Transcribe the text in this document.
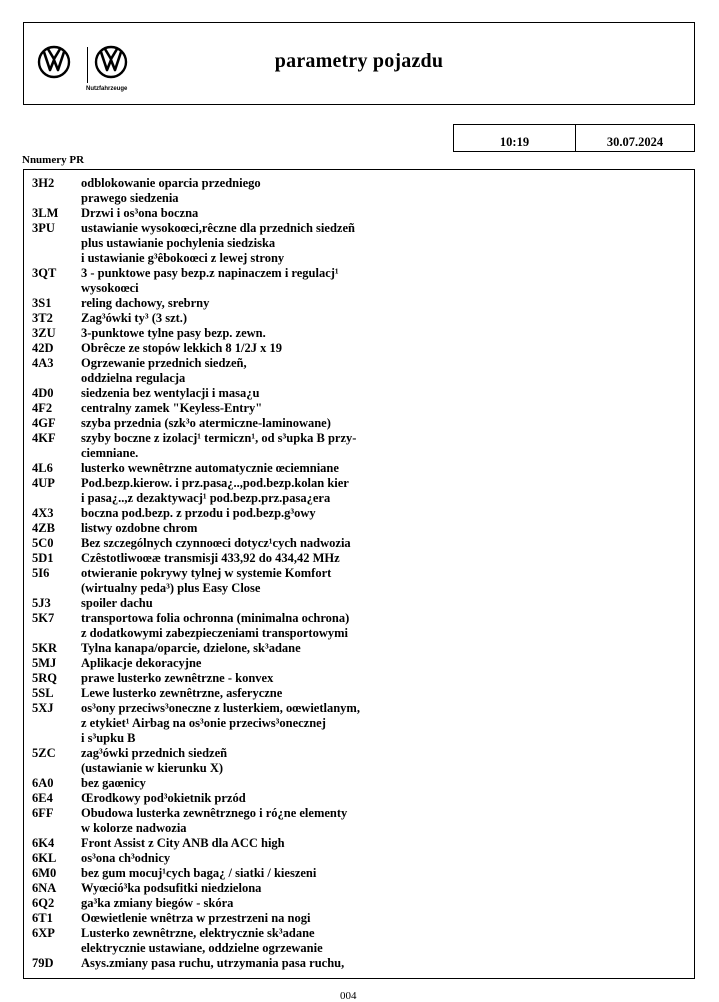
Nutzfahrzeuge
parametry pojazdu
10:19	30.07.2024
Nnumery PR
3H2	odblokowanie oparcia przedniego
prawego siedzenia
3LM	Drzwi i os³ona boczna
3PU	ustawianie wysokoœci,rêczne dla przednich siedzeñ
plus ustawianie pochylenia siedziska
i ustawianie g³êbokoœci z lewej strony
3QT	3 - punktowe pasy bezp.z napinaczem i regulacj¹
wysokoœci
3S1	reling dachowy, srebrny
3T2	Zag³ówki ty³ (3 szt.)
3ZU	3-punktowe tylne pasy bezp. zewn.
42D	Obrêcze ze stopów lekkich 8 1/2J x 19
4A3	Ogrzewanie przednich siedzeñ,
oddzielna regulacja
4D0	siedzenia bez wentylacji i masa¿u
4F2	centralny zamek "Keyless-Entry"
4GF	szyba przednia (szk³o atermiczne-laminowane)
4KF	szyby boczne z izolacj¹ termiczn¹, od s³upka B przy-
ciemniane.
4L6	lusterko wewnêtrzne automatycznie œciemniane
4UP	Pod.bezp.kierow. i prz.pasa¿..,pod.bezp.kolan kier
i pasa¿..,z dezaktywacj¹ pod.bezp.prz.pasa¿era
4X3	boczna pod.bezp. z przodu i pod.bezp.g³owy
4ZB	listwy ozdobne chrom
5C0	Bez szczególnych czynnoœci dotycz¹cych nadwozia
5D1	Czêstotliwoœæ transmisji 433,92 do 434,42 MHz
5I6	otwieranie pokrywy tylnej w systemie Komfort
(wirtualny peda³) plus Easy Close
5J3	spoiler dachu
5K7	transportowa folia ochronna (minimalna ochrona)
z dodatkowymi zabezpieczeniami transportowymi
5KR	Tylna kanapa/oparcie, dzielone, sk³adane
5MJ	Aplikacje dekoracyjne
5RQ	prawe lusterko zewnêtrzne - konvex
5SL	Lewe lusterko zewnêtrzne, asferyczne
5XJ	os³ony przeciws³oneczne z lusterkiem, oœwietlanym,
z etykiet¹ Airbag na os³onie przeciws³onecznej
i s³upku B
5ZC	zag³ówki przednich siedzeñ
(ustawianie w kierunku X)
6A0	bez gaœnicy
6E4	Œrodkowy pod³okietnik przód
6FF	Obudowa lusterka zewnêtrznego i ró¿ne elementy
w kolorze nadwozia
6K4	Front Assist z City ANB dla ACC high
6KL	os³ona ch³odnicy
6M0	bez gum mocuj¹cych baga¿ / siatki / kieszeni
6NA	Wyœció³ka podsufitki niedzielona
6Q2	ga³ka zmiany biegów - skóra
6T1	Oœwietlenie wnêtrza w przestrzeni na nogi
6XP	Lusterko zewnêtrzne, elektrycznie sk³adane
elektrycznie ustawiane, oddzielne ogrzewanie
79D	Asys.zmiany pasa ruchu, utrzymania pasa ruchu,
004
